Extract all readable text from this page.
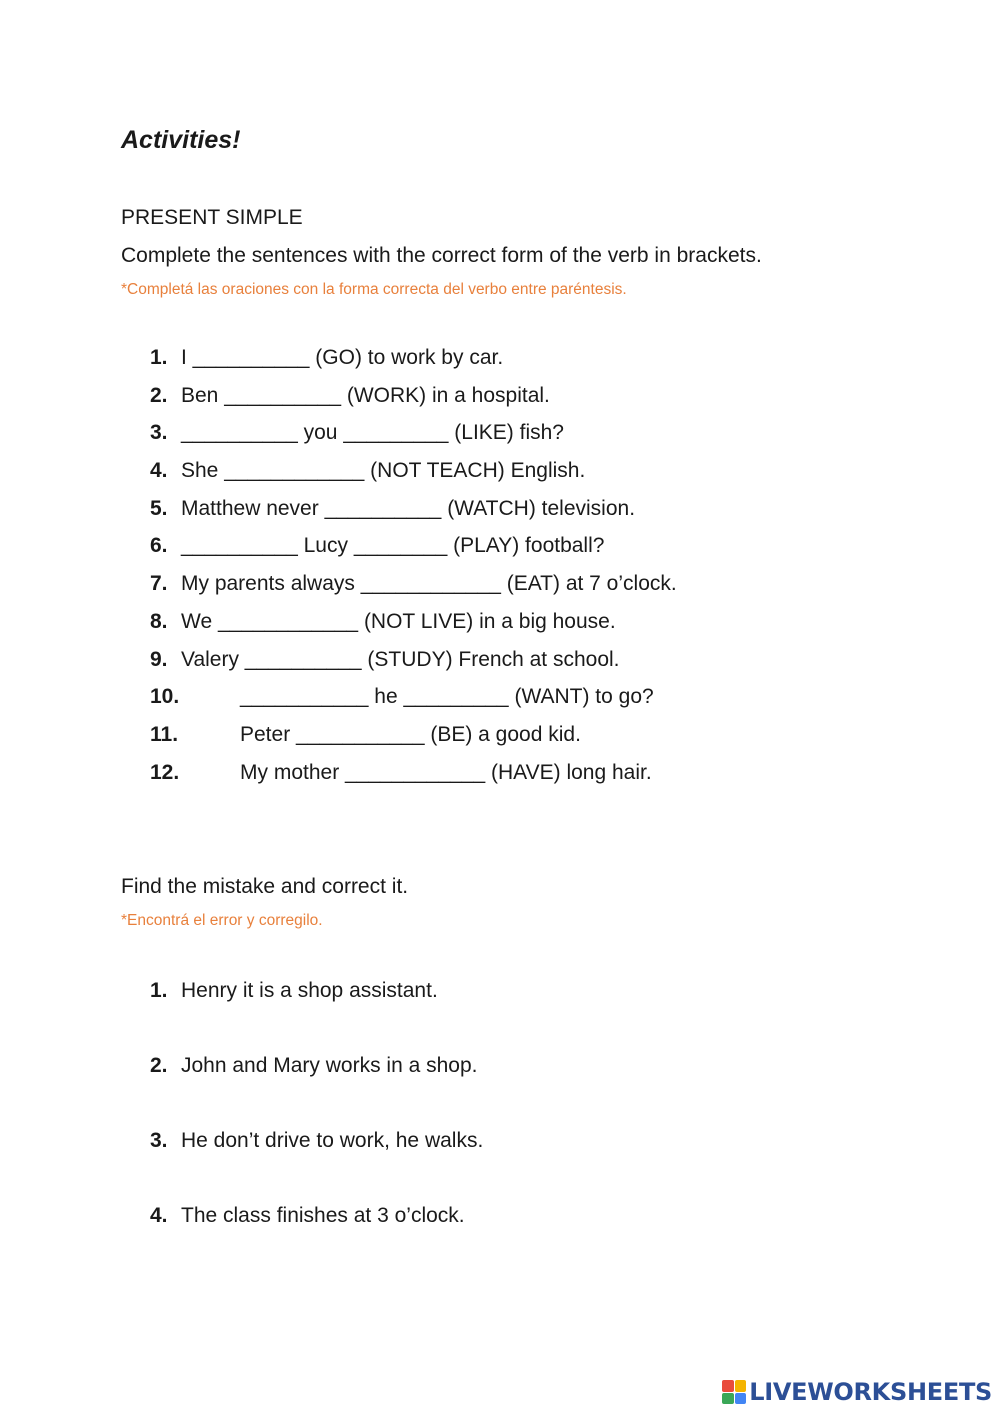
Activities!
PRESENT SIMPLE
Complete the sentences with the correct form of the verb in brackets.
*Completá las oraciones con la forma correcta del verbo entre paréntesis.
1. I __________ (GO) to work by car.
2. Ben __________ (WORK) in a hospital.
3. __________ you _________ (LIKE) fish?
4. She ____________ (NOT TEACH) English.
5. Matthew never __________ (WATCH) television.
6. __________ Lucy ________ (PLAY) football?
7. My parents always ____________ (EAT) at 7 o’clock.
8. We ____________ (NOT LIVE) in a big house.
9. Valery __________ (STUDY) French at school.
10.	___________ he _________ (WANT) to go?
11.	Peter ___________ (BE) a good kid.
12.	My mother ____________ (HAVE) long hair.
Find the mistake and correct it.
*Encontrá el error y corregilo.
1. Henry it is a shop assistant.
2. John and Mary works in a shop.
3. He don’t drive to work, he walks.
4. The class finishes at 3 o’clock.
LIVEWORKSHEETS
